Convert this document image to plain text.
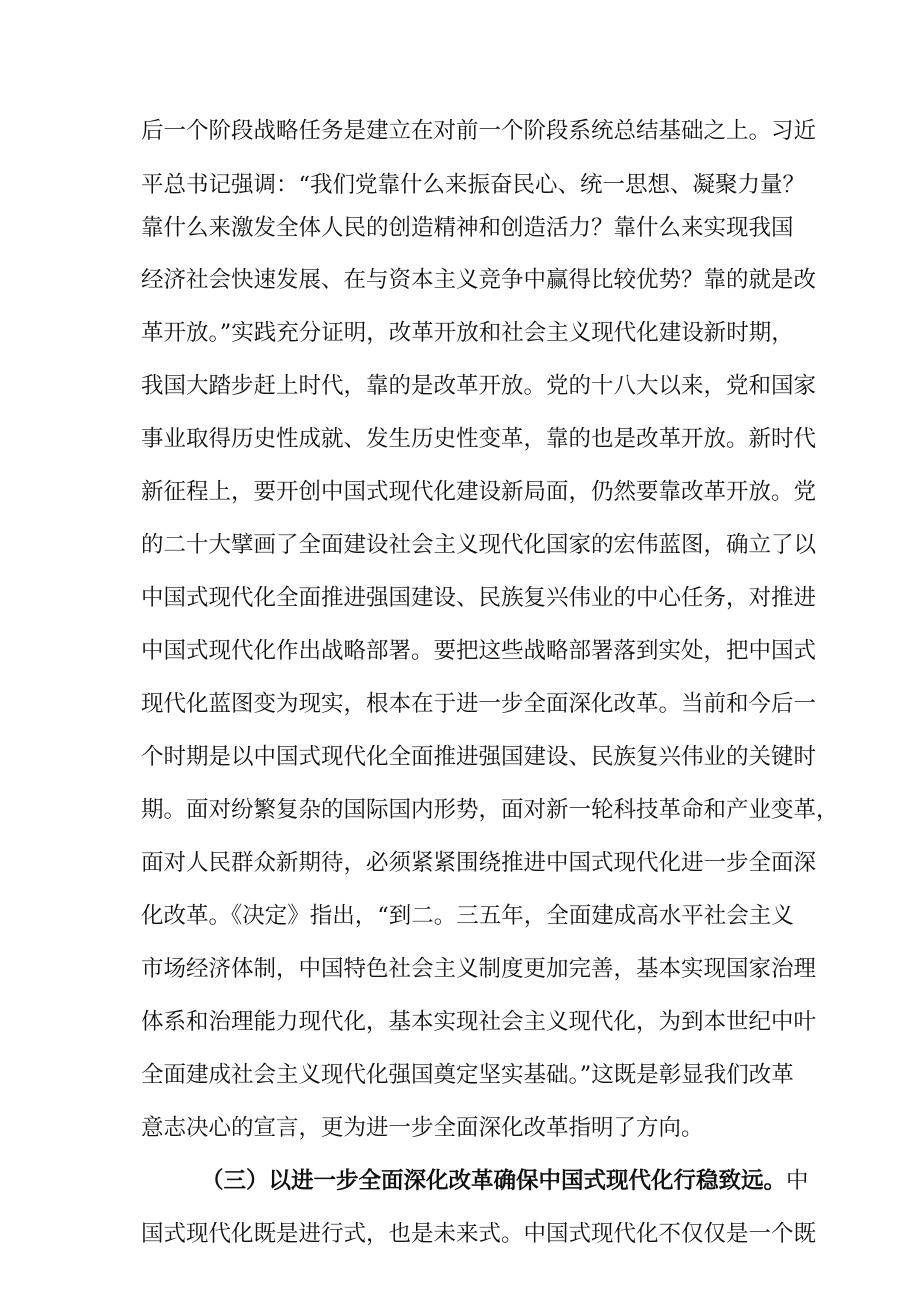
后一个阶段战略任务是建立在对前一个阶段系统总结基础之上。习近
平总书记强调：“我们党靠什么来振奋民心、统一思想、凝聚力量？
靠什么来激发全体人民的创造精神和创造活力？靠什么来实现我国
经济社会快速发展、在与资本主义竞争中赢得比较优势？靠的就是改
革开放。”实践充分证明，改革开放和社会主义现代化建设新时期，
我国大踏步赶上时代，靠的是改革开放。党的十八大以来，党和国家
事业取得历史性成就、发生历史性变革，靠的也是改革开放。新时代
新征程上，要开创中国式现代化建设新局面，仍然要靠改革开放。党
的二十大擘画了全面建设社会主义现代化国家的宏伟蓝图，确立了以
中国式现代化全面推进强国建设、民族复兴伟业的中心任务，对推进
中国式现代化作出战略部署。要把这些战略部署落到实处，把中国式
现代化蓝图变为现实，根本在于进一步全面深化改革。当前和今后一
个时期是以中国式现代化全面推进强国建设、民族复兴伟业的关键时
期。面对纷繁复杂的国际国内形势，面对新一轮科技革命和产业变革，
面对人民群众新期待，必须紧紧围绕推进中国式现代化进一步全面深
化改革。《决定》指出，“到二。三五年，全面建成高水平社会主义
市场经济体制，中国特色社会主义制度更加完善，基本实现国家治理
体系和治理能力现代化，基本实现社会主义现代化，为到本世纪中叶
全面建成社会主义现代化强国奠定坚实基础。”这既是彰显我们改革
意志决心的宣言，更为进一步全面深化改革指明了方向。
（三）以进一步全面深化改革确保中国式现代化行稳致远。中
国式现代化既是进行式，也是未来式。中国式现代化不仅仅是一个既
